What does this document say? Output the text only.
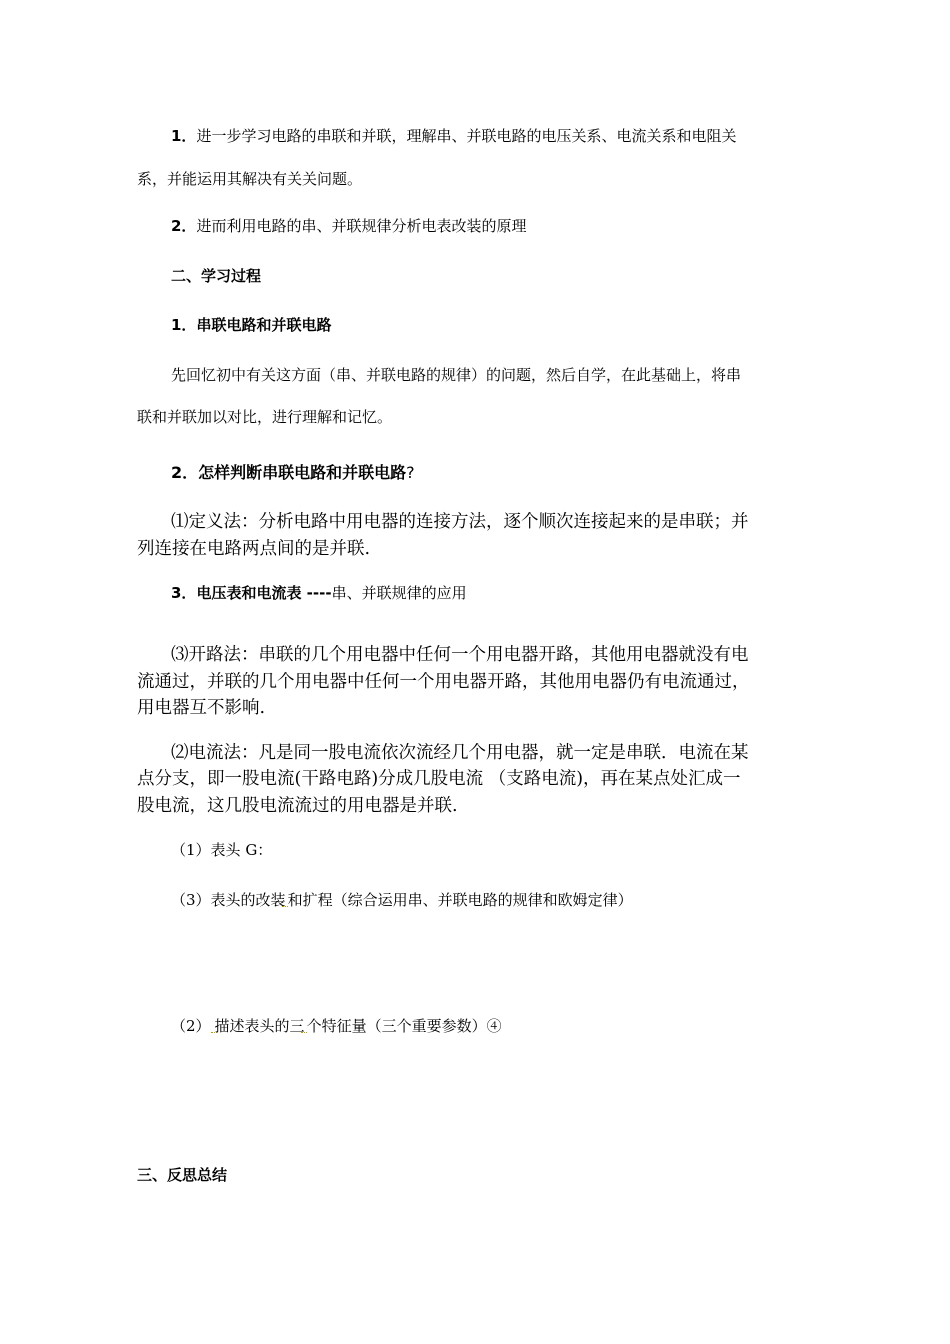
1．进一步学习电路的串联和并联，理解串、并联电路的电压关系、电流关系和电阻关
系，并能运用其解决有关关问题。
2．进而利用电路的串、并联规律分析电表改装的原理
二、学习过程
1．串联电路和并联电路
先回忆初中有关这方面（串、并联电路的规律）的问题，然后自学，在此基础上，将串
联和并联加以对比，进行理解和记忆。
2．怎样判断串联电路和并联电路?
⑴定义法：分析电路中用电器的连接方法，逐个顺次连接起来的是串联；并
列连接在电路两点间的是并联.
3．电压表和电流表 ----串、并联规律的应用
⑶开路法：串联的几个用电器中任何一个用电器开路，其他用电器就没有电
流通过，并联的几个用电器中任何一个用电器开路，其他用电器仍有电流通过，
用电器互不影响.
⑵电流法：凡是同一股电流依次流经几个用电器，就一定是串联．电流在某
点分支，即一股电流(干路电路)分成几股电流 （支路电流)，再在某点处汇成一
股电流，这几股电流流过的用电器是并联.
（1）表头 G：
（3）表头的改装 和扩程（综合运用串、并联电路的规律和欧姆定律）
（2） 描述表头的三 个特征量（三个重要参数）④
三、反思总结
